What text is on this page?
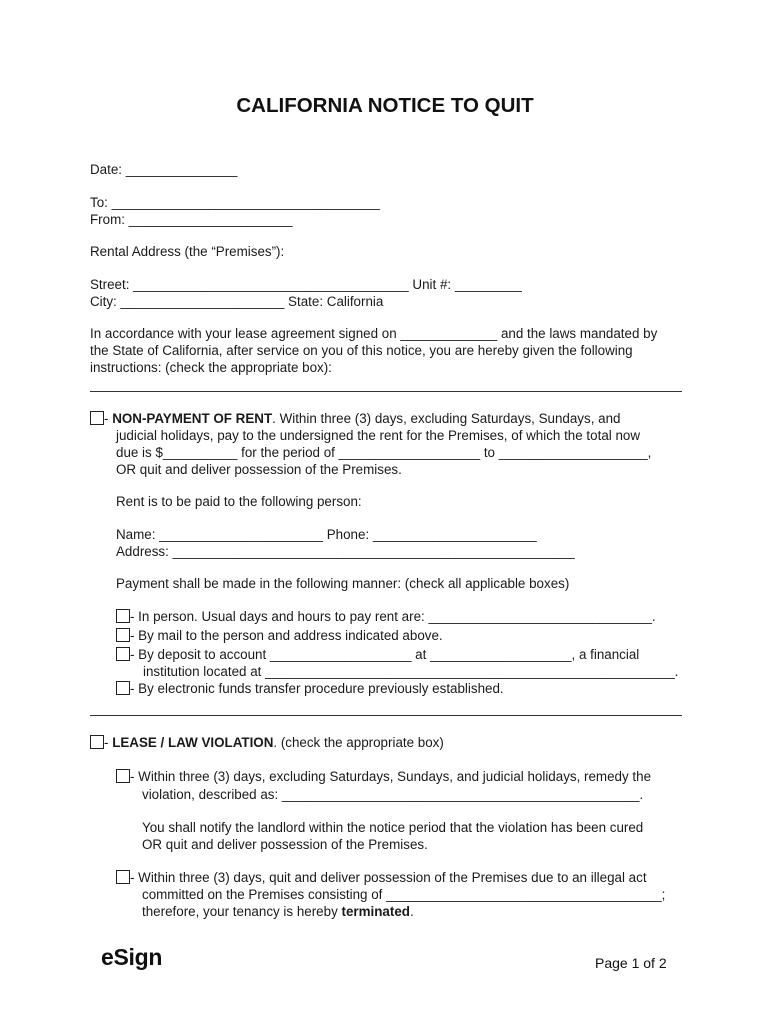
CALIFORNIA NOTICE TO QUIT
Date: _______________
To: ____________________________________
From: ______________________
Rental Address (the “Premises”):
Street: _____________________________________ Unit #: _________
City: ______________________ State: California
In accordance with your lease agreement signed on _____________ and the laws mandated by
the State of California, after service on you of this notice, you are hereby given the following
instructions: (check the appropriate box):
- NON-PAYMENT OF RENT. Within three (3) days, excluding Saturdays, Sundays, and
judicial holidays, pay to the undersigned the rent for the Premises, of which the total now
due is $__________ for the period of ___________________ to ____________________,
OR quit and deliver possession of the Premises.
Rent is to be paid to the following person:
Name: ______________________ Phone: ______________________
Address: ______________________________________________________
Payment shall be made in the following manner: (check all applicable boxes)
- In person. Usual days and hours to pay rent are: ______________________________.
- By mail to the person and address indicated above.
- By deposit to account ___________________ at ___________________, a financial
institution located at _______________________________________________________.
- By electronic funds transfer procedure previously established.
- LEASE / LAW VIOLATION. (check the appropriate box)
- Within three (3) days, excluding Saturdays, Sundays, and judicial holidays, remedy the
violation, described as: ________________________________________________.
You shall notify the landlord within the notice period that the violation has been cured
OR quit and deliver possession of the Premises.
- Within three (3) days, quit and deliver possession of the Premises due to an illegal act
committed on the Premises consisting of _____________________________________;
therefore, your tenancy is hereby terminated.
eSign	Page 1 of 2
